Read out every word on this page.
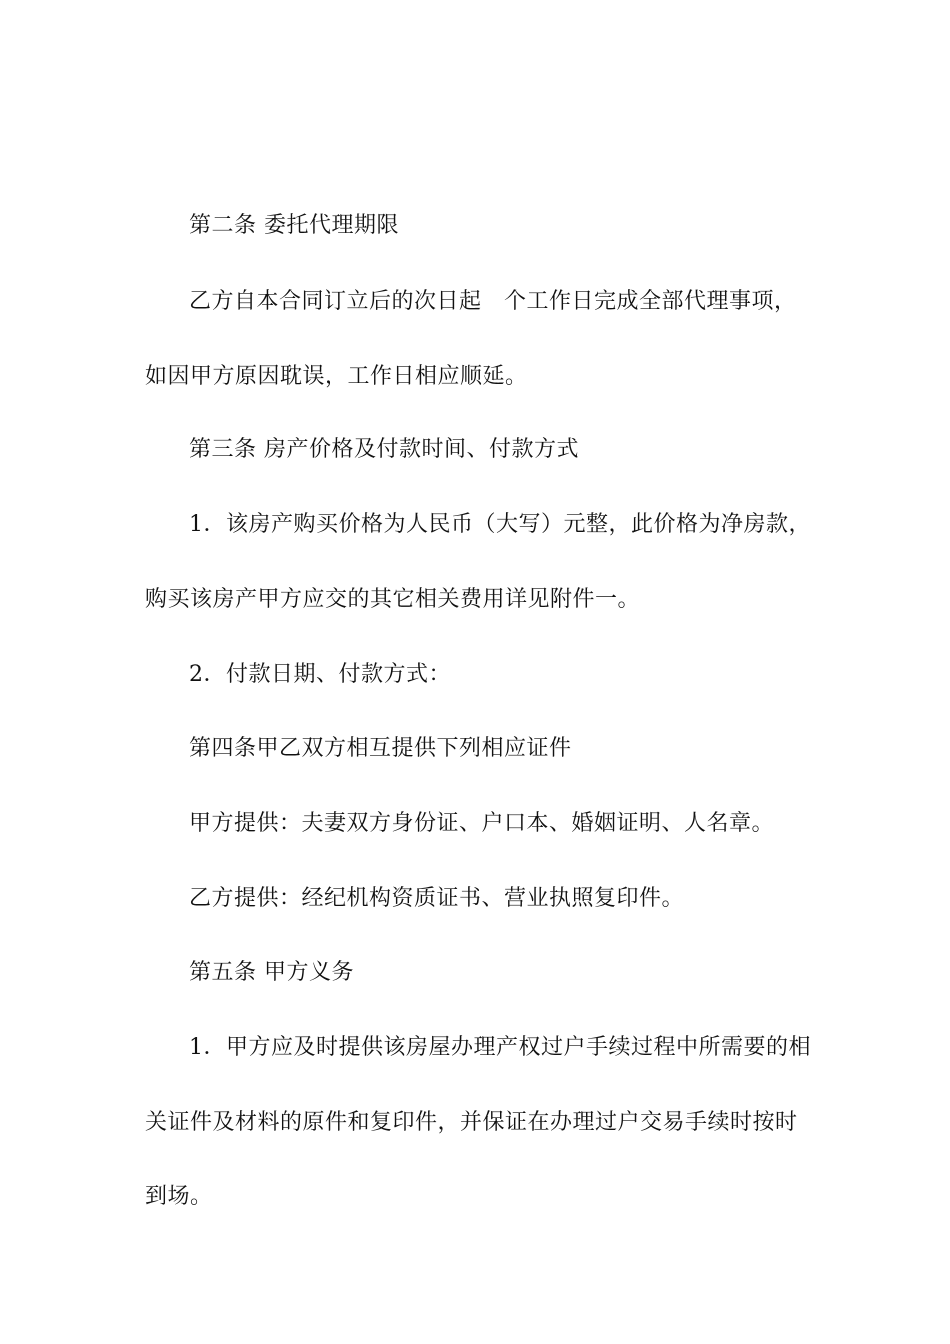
第二条 委托代理期限
乙方自本合同订立后的次日起　个工作日完成全部代理事项，
如因甲方原因耽误，工作日相应顺延。
第三条 房产价格及付款时间、付款方式
1．该房产购买价格为人民币（大写）元整，此价格为净房款，
购买该房产甲方应交的其它相关费用详见附件一。
2．付款日期、付款方式：
第四条甲乙双方相互提供下列相应证件
甲方提供：夫妻双方身份证、户口本、婚姻证明、人名章。
乙方提供：经纪机构资质证书、营业执照复印件。
第五条 甲方义务
1．甲方应及时提供该房屋办理产权过户手续过程中所需要的相
关证件及材料的原件和复印件，并保证在办理过户交易手续时按时
到场。
